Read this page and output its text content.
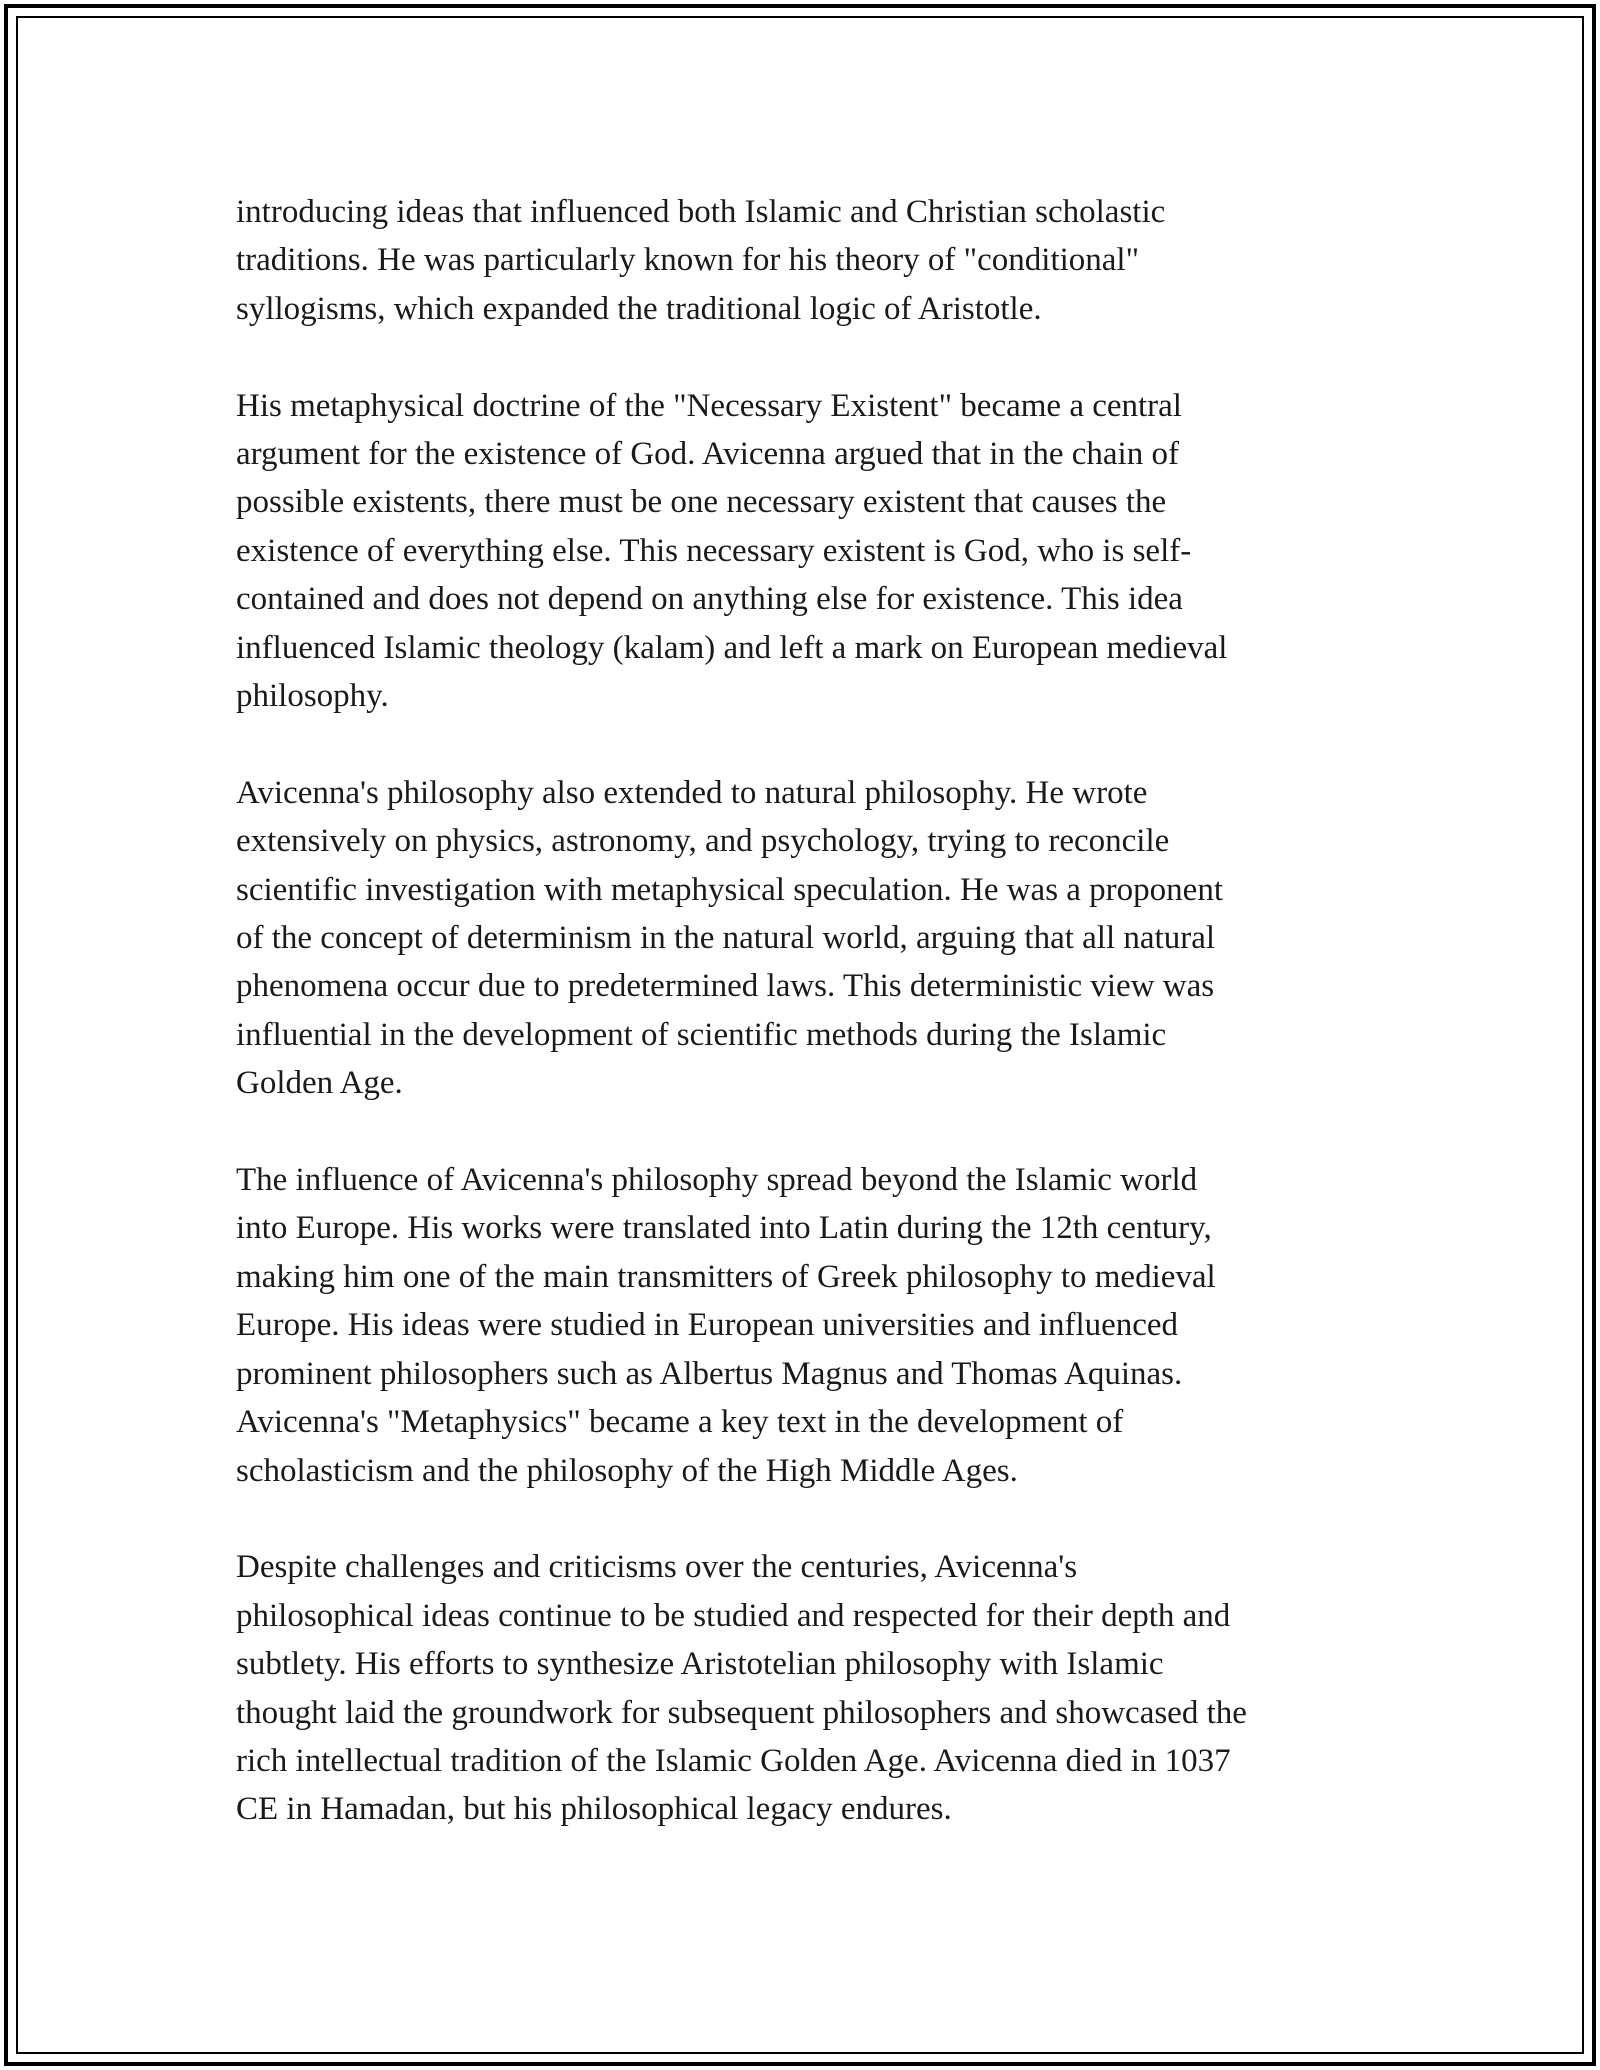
introducing ideas that influenced both Islamic and Christian scholastic
traditions. He was particularly known for his theory of "conditional"
syllogisms, which expanded the traditional logic of Aristotle.

His metaphysical doctrine of the "Necessary Existent" became a central
argument for the existence of God. Avicenna argued that in the chain of
possible existents, there must be one necessary existent that causes the
existence of everything else. This necessary existent is God, who is self-
contained and does not depend on anything else for existence. This idea
influenced Islamic theology (kalam) and left a mark on European medieval
philosophy.

Avicenna's philosophy also extended to natural philosophy. He wrote
extensively on physics, astronomy, and psychology, trying to reconcile
scientific investigation with metaphysical speculation. He was a proponent
of the concept of determinism in the natural world, arguing that all natural
phenomena occur due to predetermined laws. This deterministic view was
influential in the development of scientific methods during the Islamic
Golden Age.

The influence of Avicenna's philosophy spread beyond the Islamic world
into Europe. His works were translated into Latin during the 12th century,
making him one of the main transmitters of Greek philosophy to medieval
Europe. His ideas were studied in European universities and influenced
prominent philosophers such as Albertus Magnus and Thomas Aquinas.
Avicenna's "Metaphysics" became a key text in the development of
scholasticism and the philosophy of the High Middle Ages.

Despite challenges and criticisms over the centuries, Avicenna's
philosophical ideas continue to be studied and respected for their depth and
subtlety. His efforts to synthesize Aristotelian philosophy with Islamic
thought laid the groundwork for subsequent philosophers and showcased the
rich intellectual tradition of the Islamic Golden Age. Avicenna died in 1037
CE in Hamadan, but his philosophical legacy endures.
